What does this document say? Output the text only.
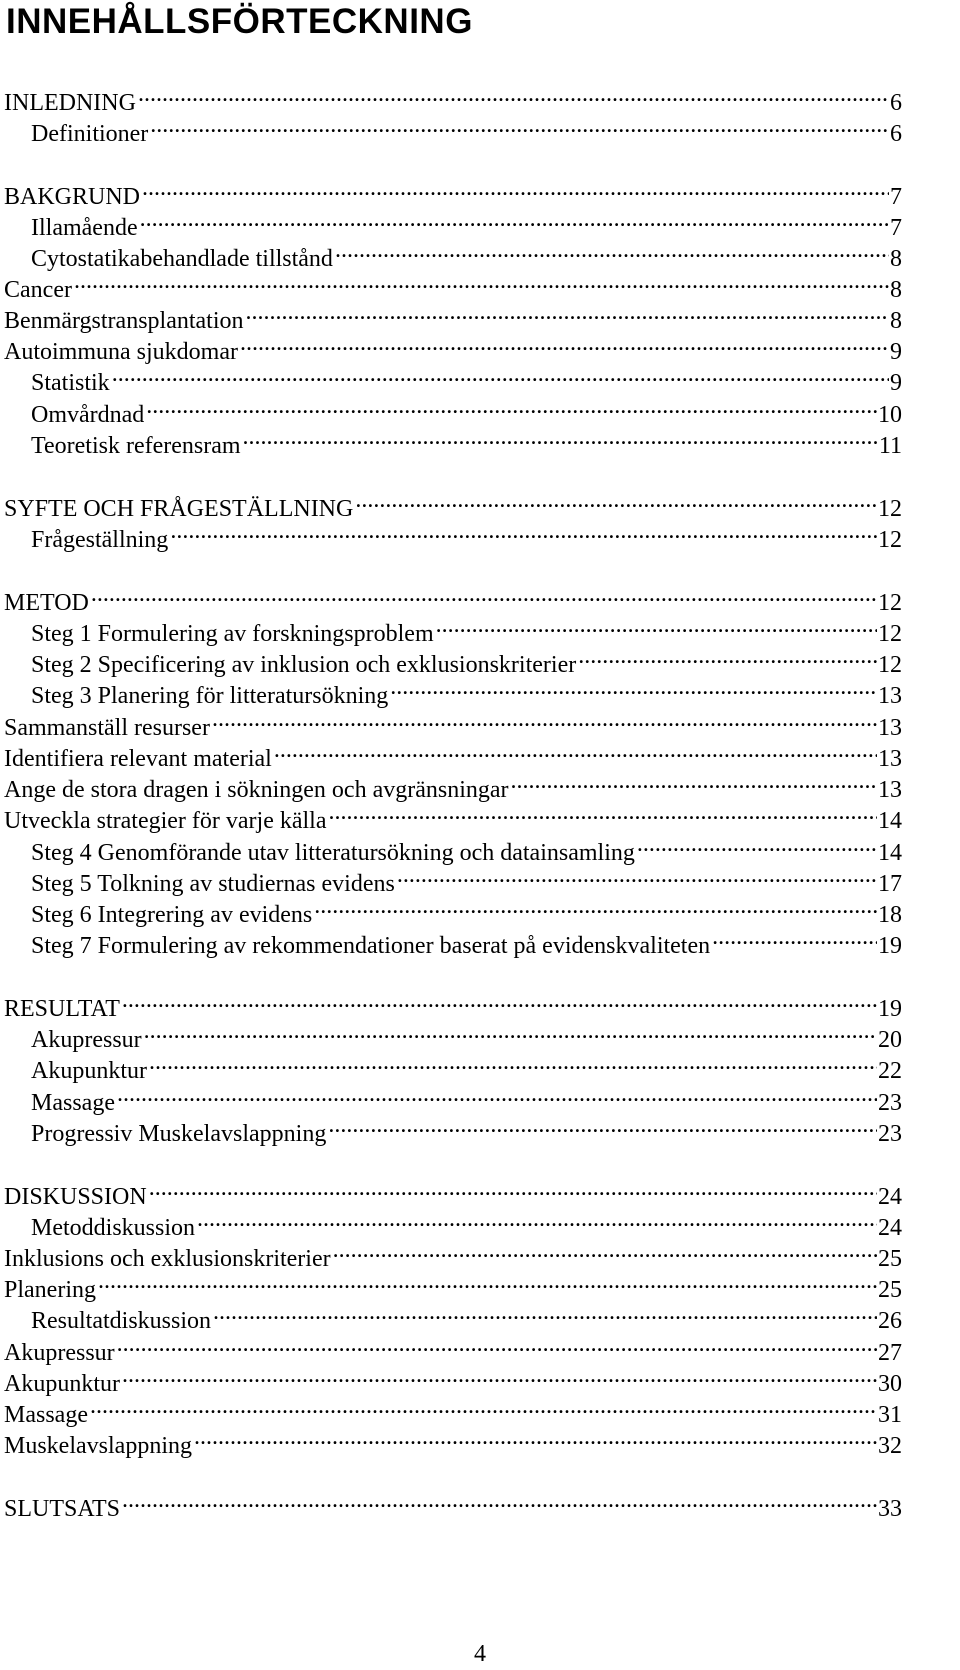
INNEHÅLLSFÖRTECKNING
INLEDNING .....	6
Definitioner .....	6
BAKGRUND .....	7
Illamående .....	7
Cytostatikabehandlade tillstånd .....	8
Cancer .....	8
Benmärgstransplantation .....	8
Autoimmuna sjukdomar .....	9
Statistik .....	9
Omvårdnad .....	10
Teoretisk referensram .....	11
SYFTE OCH FRÅGESTÄLLNING .....	12
Frågeställning .....	12
METOD .....	12
Steg 1 Formulering av forskningsproblem .....	12
Steg 2 Specificering av inklusion och exklusionskriterier .....	12
Steg 3 Planering för litteratursökning .....	13
Sammanställ resurser .....	13
Identifiera relevant material .....	13
Ange de stora dragen i sökningen och avgränsningar .....	13
Utveckla strategier för varje källa .....	14
Steg 4 Genomförande utav litteratursökning och datainsamling .....	14
Steg 5 Tolkning av studiernas evidens .....	17
Steg 6 Integrering av evidens .....	18
Steg 7 Formulering av rekommendationer baserat på evidenskvaliteten .....	19
RESULTAT .....	19
Akupressur .....	20
Akupunktur .....	22
Massage .....	23
Progressiv Muskelavslappning .....	23
DISKUSSION .....	24
Metoddiskussion .....	24
Inklusions och exklusionskriterier .....	25
Planering .....	25
Resultatdiskussion .....	26
Akupressur .....	27
Akupunktur .....	30
Massage .....	31
Muskelavslappning .....	32
SLUTSATS .....	33
4
